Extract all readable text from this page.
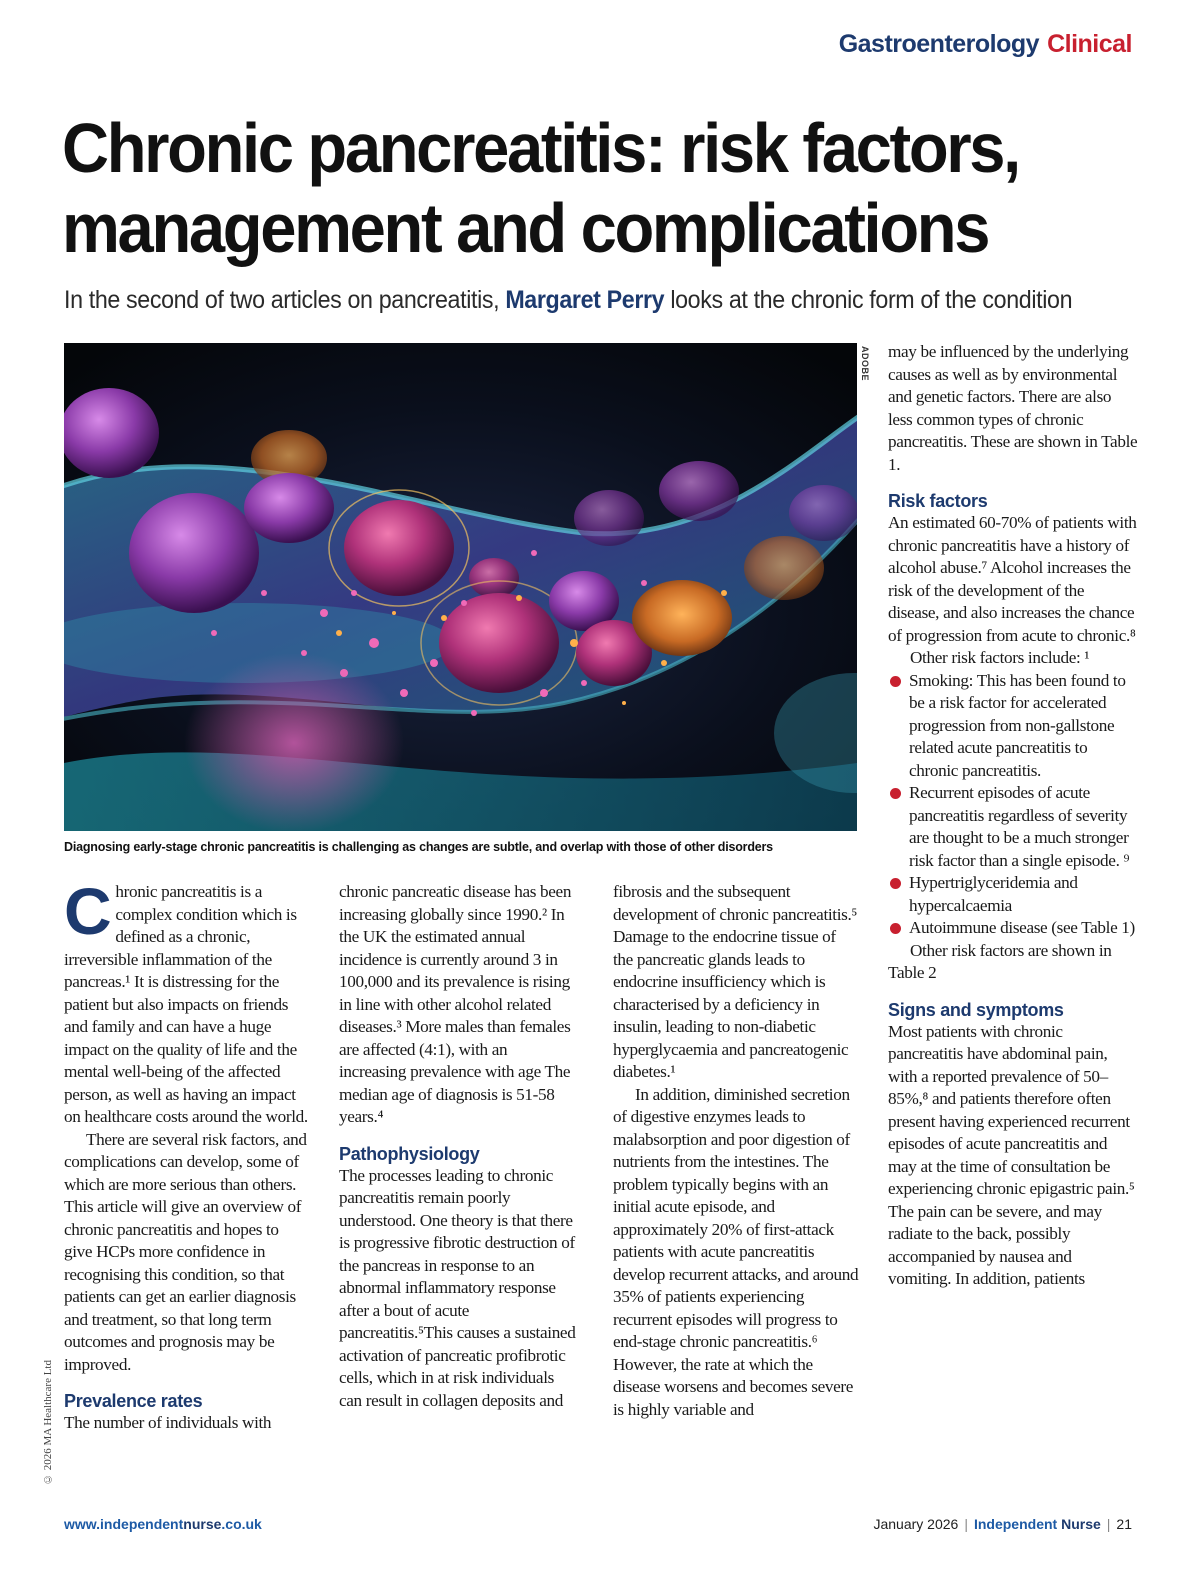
Gastroenterology Clinical
Chronic pancreatitis: risk factors, management and complications
In the second of two articles on pancreatitis, Margaret Perry looks at the chronic form of the condition
ADOBE
Diagnosing early-stage chronic pancreatitis is challenging as changes are subtle, and overlap with those of other disorders

Chronic pancreatitis is a complex condition which is defined as a chronic, irreversible inflammation of the pancreas.¹ It is distressing for the patient but also impacts on friends and family and can have a huge impact on the quality of life and the mental well-being of the affected person, as well as having an impact on healthcare costs around the world.

There are several risk factors, and complications can develop, some of which are more serious than others. This article will give an overview of chronic pancreatitis and hopes to give HCPs more confidence in recognising this condition, so that patients can get an earlier diagnosis and treatment, so that long term outcomes and prognosis may be improved.

Prevalence rates

The number of individuals with

chronic pancreatic disease has been increasing globally since 1990.² In the UK the estimated annual incidence is currently around 3 in 100,000 and its prevalence is rising in line with other alcohol related diseases.³ More males than females are affected (4:1), with an increasing prevalence with age The median age of diagnosis is 51-58 years.⁴

Pathophysiology

The processes leading to chronic pancreatitis remain poorly understood. One theory is that there is progressive fibrotic destruction of the pancreas in response to an abnormal inflammatory response after a bout of acute pancreatitis.⁵This causes a sustained activation of pancreatic profibrotic cells, which in at risk individuals can result in collagen deposits and

fibrosis and the subsequent development of chronic pancreatitis.⁵ Damage to the endocrine tissue of the pancreatic glands leads to endocrine insufficiency which is characterised by a deficiency in insulin, leading to non-diabetic hyperglycaemia and pancreatogenic diabetes.¹

In addition, diminished secretion of digestive enzymes leads to malabsorption and poor digestion of nutrients from the intestines. The problem typically begins with an initial acute episode, and approximately 20% of first-attack patients with acute pancreatitis develop recurrent attacks, and around 35% of patients experiencing recurrent episodes will progress to end-stage chronic pancreatitis.⁶ However, the rate at which the disease worsens and becomes severe is highly variable and

may be influenced by the underlying causes as well as by environmental and genetic factors. There are also less common types of chronic pancreatitis. These are shown in Table 1.

Risk factors

An estimated 60-70% of patients with chronic pancreatitis have a history of alcohol abuse.⁷ Alcohol increases the risk of the development of the disease, and also increases the chance of progression from acute to chronic.⁸

Other risk factors include: ¹

Smoking: This has been found to be a risk factor for accelerated progression from non-gallstone related acute pancreatitis to chronic pancreatitis.
Recurrent episodes of acute pancreatitis regardless of severity are thought to be a much stronger risk factor than a single episode. ⁹
Hypertriglyceridemia and hypercalcaemia
Autoimmune disease (see Table 1)

Other risk factors are shown in Table 2

Signs and symptoms

Most patients with chronic pancreatitis have abdominal pain, with a reported prevalence of 50–85%,⁸ and patients therefore often present having experienced recurrent episodes of acute pancreatitis and may at the time of consultation be experiencing chronic epigastric pain.⁵ The pain can be severe, and may radiate to the back, possibly accompanied by nausea and vomiting. In addition, patients

© 2026 MA Healthcare Ltd
www.independentnurse.co.uk	January 2026 | Independent Nurse | 21
